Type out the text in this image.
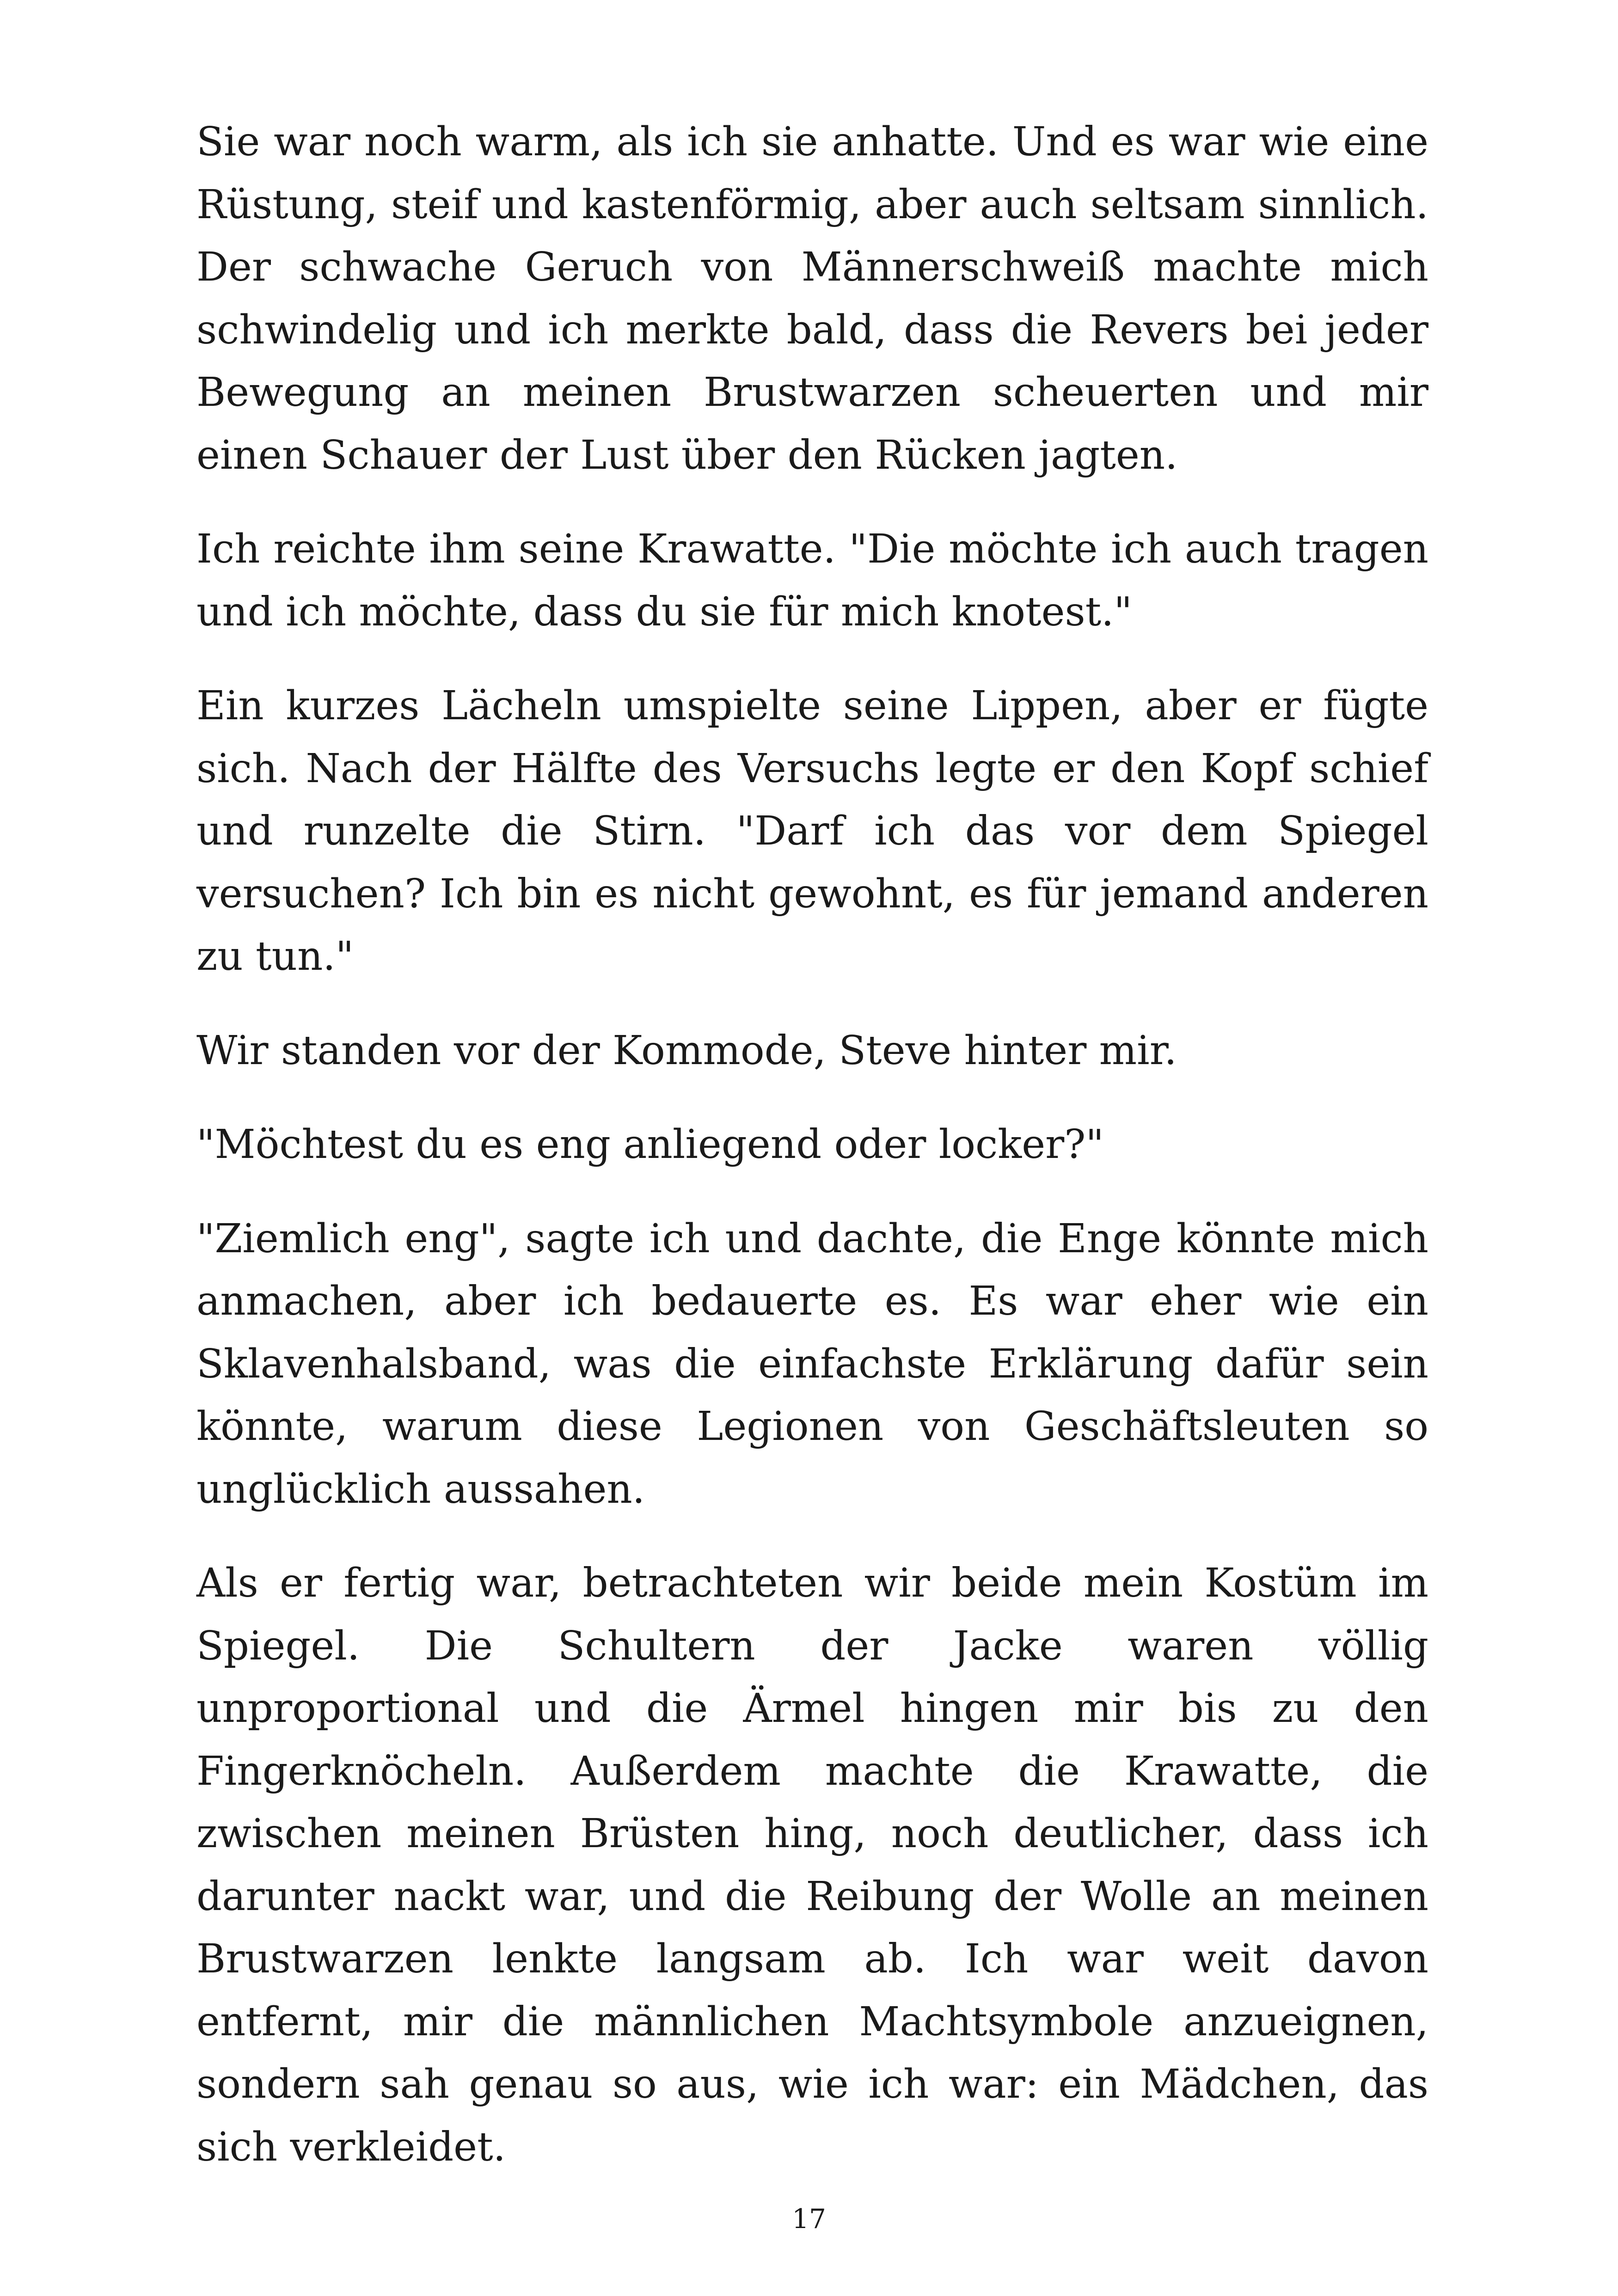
Sie war noch warm, als ich sie anhatte. Und es war wie eine Rüstung, steif und kastenförmig, aber auch seltsam sinnlich. Der schwache Geruch von Männerschweiß machte mich schwindelig und ich merkte bald, dass die Revers bei jeder Bewegung an meinen Brustwarzen scheuerten und mir einen Schauer der Lust über den Rücken jagten.

Ich reichte ihm seine Krawatte. "Die möchte ich auch tragen und ich möchte, dass du sie für mich knotest."

Ein kurzes Lächeln umspielte seine Lippen, aber er fügte sich. Nach der Hälfte des Versuchs legte er den Kopf schief und runzelte die Stirn. "Darf ich das vor dem Spiegel versuchen? Ich bin es nicht gewohnt, es für jemand anderen zu tun."

Wir standen vor der Kommode, Steve hinter mir.

"Möchtest du es eng anliegend oder locker?"

"Ziemlich eng", sagte ich und dachte, die Enge könnte mich anmachen, aber ich bedauerte es. Es war eher wie ein Sklavenhalsband, was die einfachste Erklärung dafür sein könnte, warum diese Legionen von Geschäftsleuten so unglücklich aussahen.

Als er fertig war, betrachteten wir beide mein Kostüm im Spiegel. Die Schultern der Jacke waren völlig unproportional und die Ärmel hingen mir bis zu den Fingerknöcheln. Außerdem machte die Krawatte, die zwischen meinen Brüsten hing, noch deutlicher, dass ich darunter nackt war, und die Reibung der Wolle an meinen Brustwarzen lenkte langsam ab. Ich war weit davon entfernt, mir die männlichen Machtsymbole anzueignen, sondern sah genau so aus, wie ich war: ein Mädchen, das sich verkleidet.

17
